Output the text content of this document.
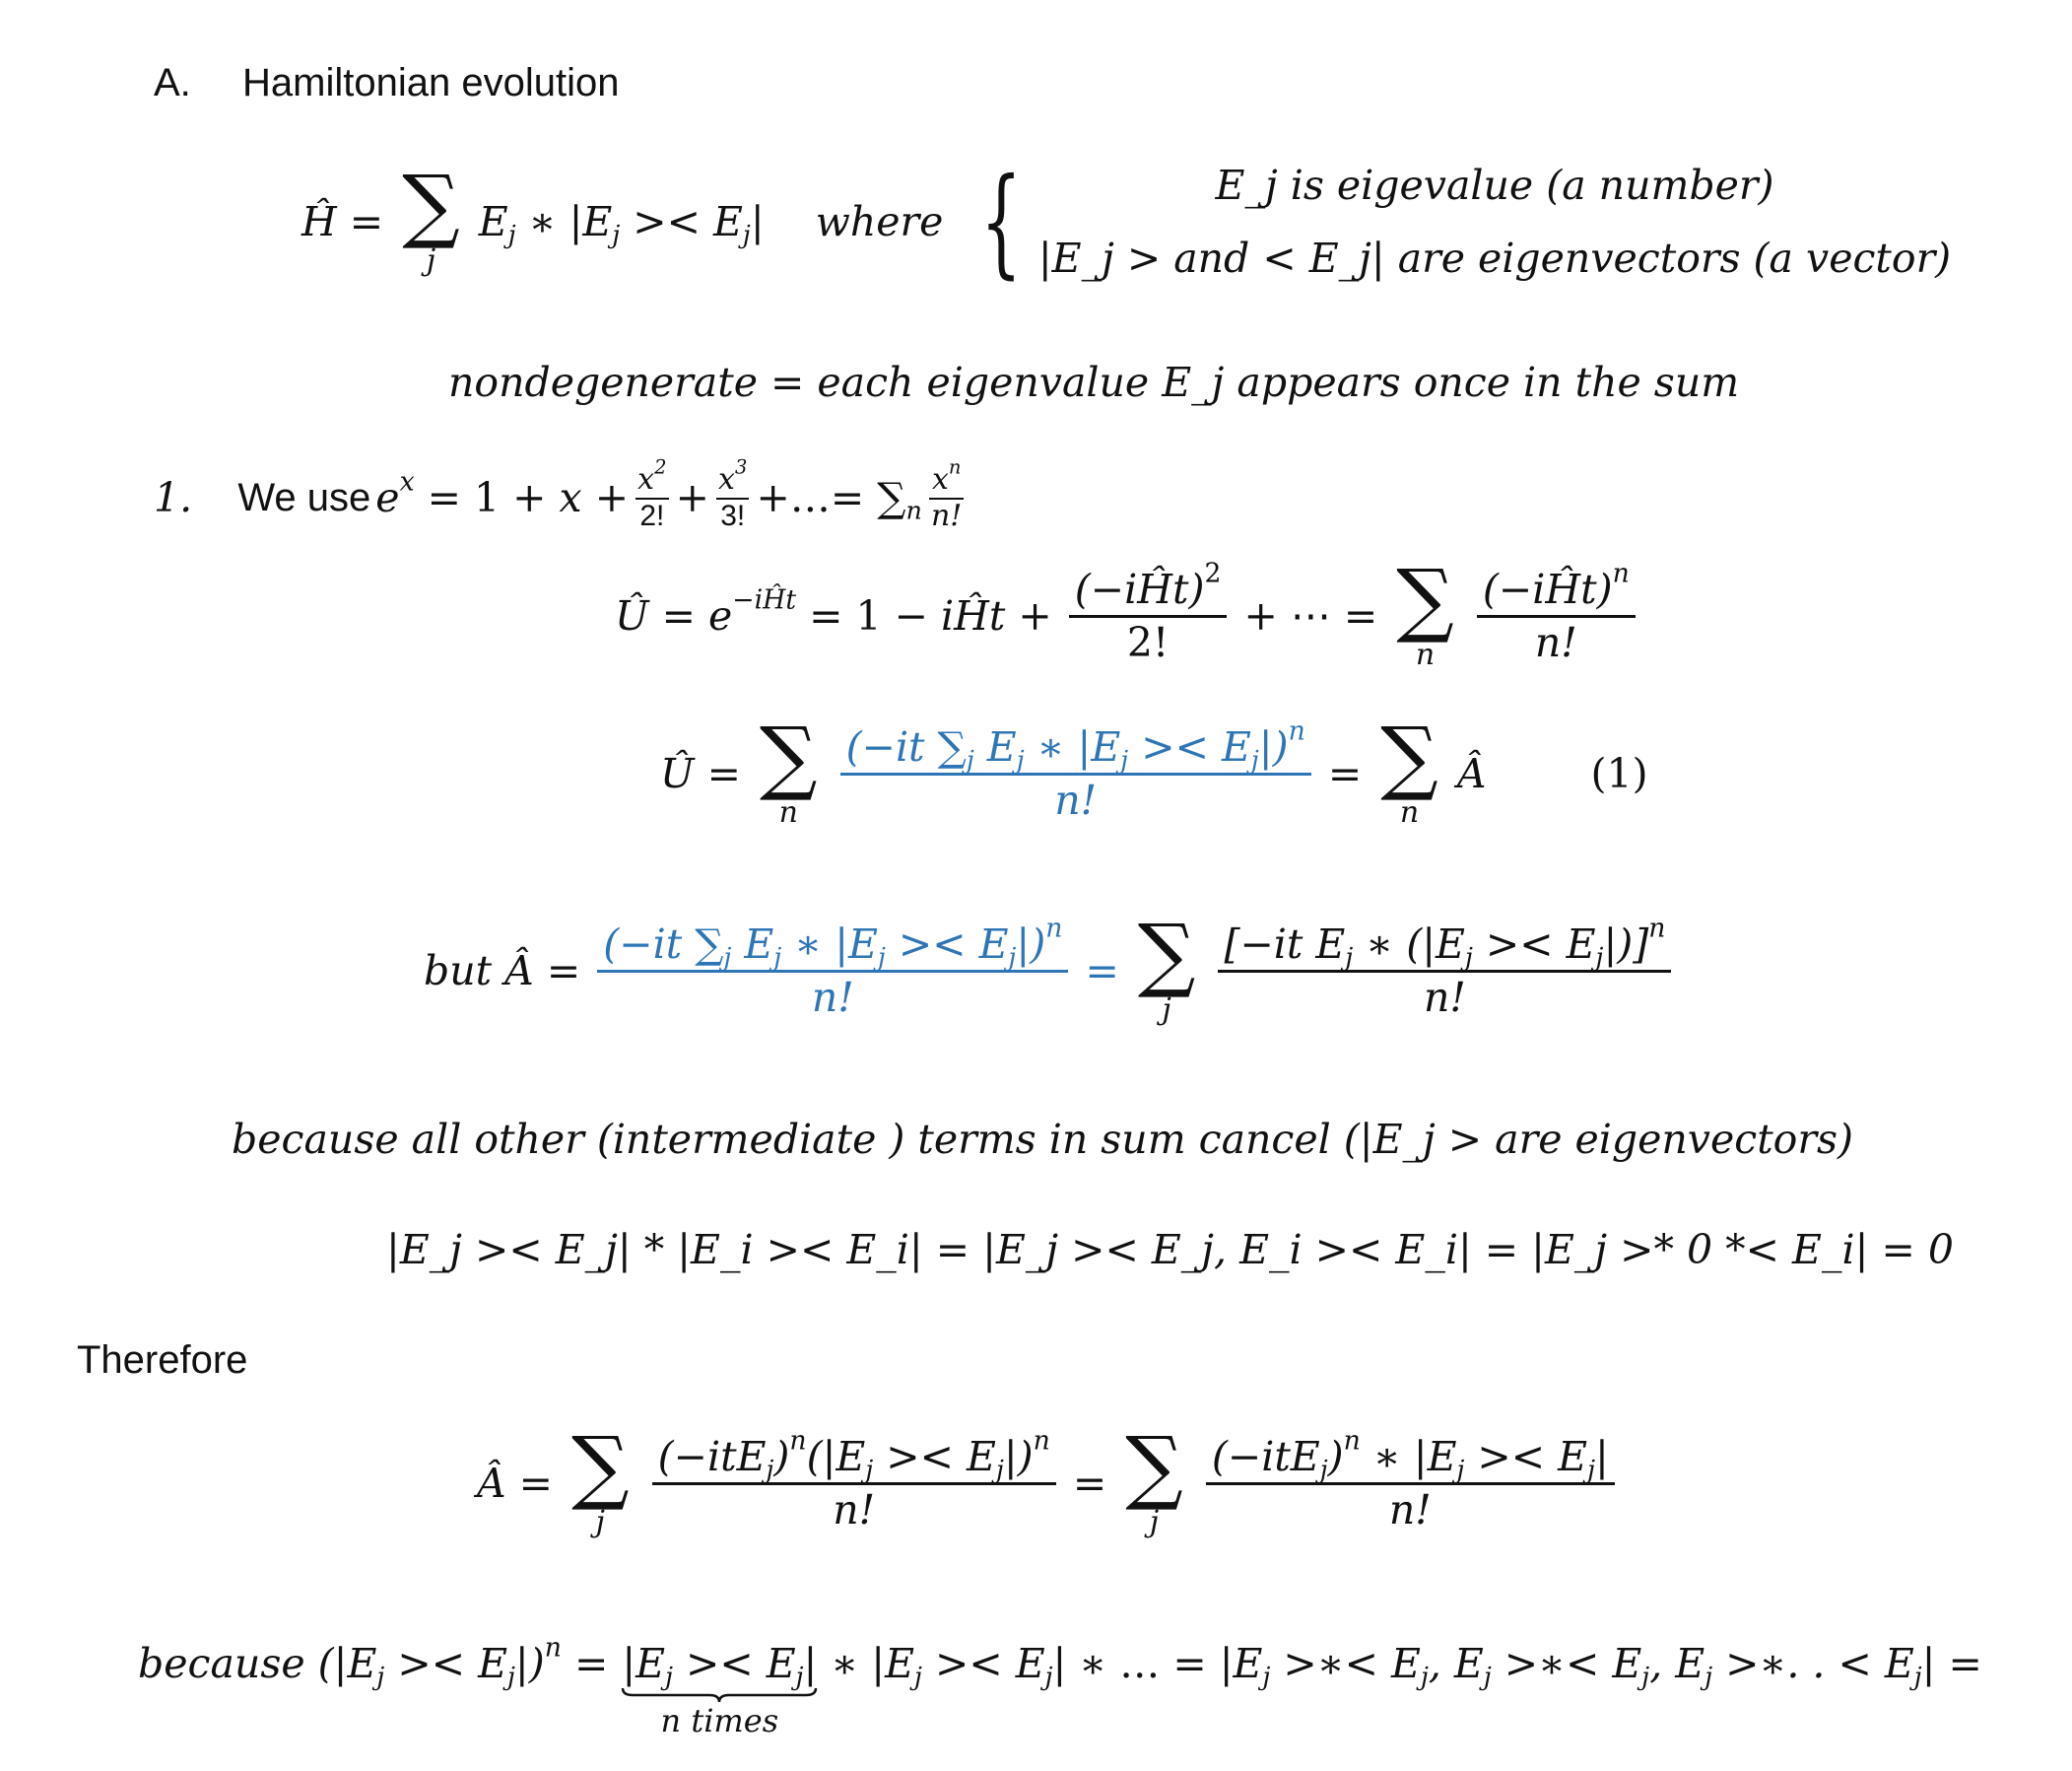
A. Hamiltonian evolution
Ĥ = ∑
j
$E_j$ ∗ $|E_j >< E_j|$ where {	E_j is eigevalue (a number)
|E_j > and < E_j| are eigenvectors (a vector)
nondegenerate = each eigenvalue E_j appears once in the sum
1. We use $e^x = 1 + x + \frac{x^2}{2!} + \frac{x^3}{3!}$ +…= $\sum_n \frac{x^n}{n!}$
Û = $e^{-iĤt} = 1$ − iĤt + $\frac{(-iĤt)^2}{2!}$ + ⋯ = ∑
n
	$\frac{(-iĤt)^n}{n!}$
Û = ∑
n
	$\frac{(-it \sum_j E_j ∗ |E_j >< E_j|)^n}{n!}$ = ∑
n
Â	(1)
but Â = $\frac{(-it \sum_j E_j ∗ |E_j >< E_j|)^n}{n!}$ = ∑
j
	$\frac{[-it E_j ∗ (|E_j >< E_j|)]^n}{n!}$
because all other (intermediate ) terms in sum cancel (|E_j > are eigenvectors)
|E_j >< E_j| * |E_i >< E_i| = |E_j >< E_j, E_i >< E_i| = |E_j >* 0 *< E_i| = 0
Therefore
Â = ∑
j
	$\frac{(-itE_j)^n(|E_j >< E_j|)^n}{n!}$ = ∑
j
	$\frac{(-itE_j)^n ∗ |E_j >< E_j|}{n!}$
because $(|E_j >< E_j|)^n = |E_j >< E_j|$
n times
∗ $|E_j >< E_j|$ ∗ … = $|E_j$ >∗< $E_j$, $E_j$ >∗< $E_j$, $E_j$ >∗. . < $E_j|$ =
